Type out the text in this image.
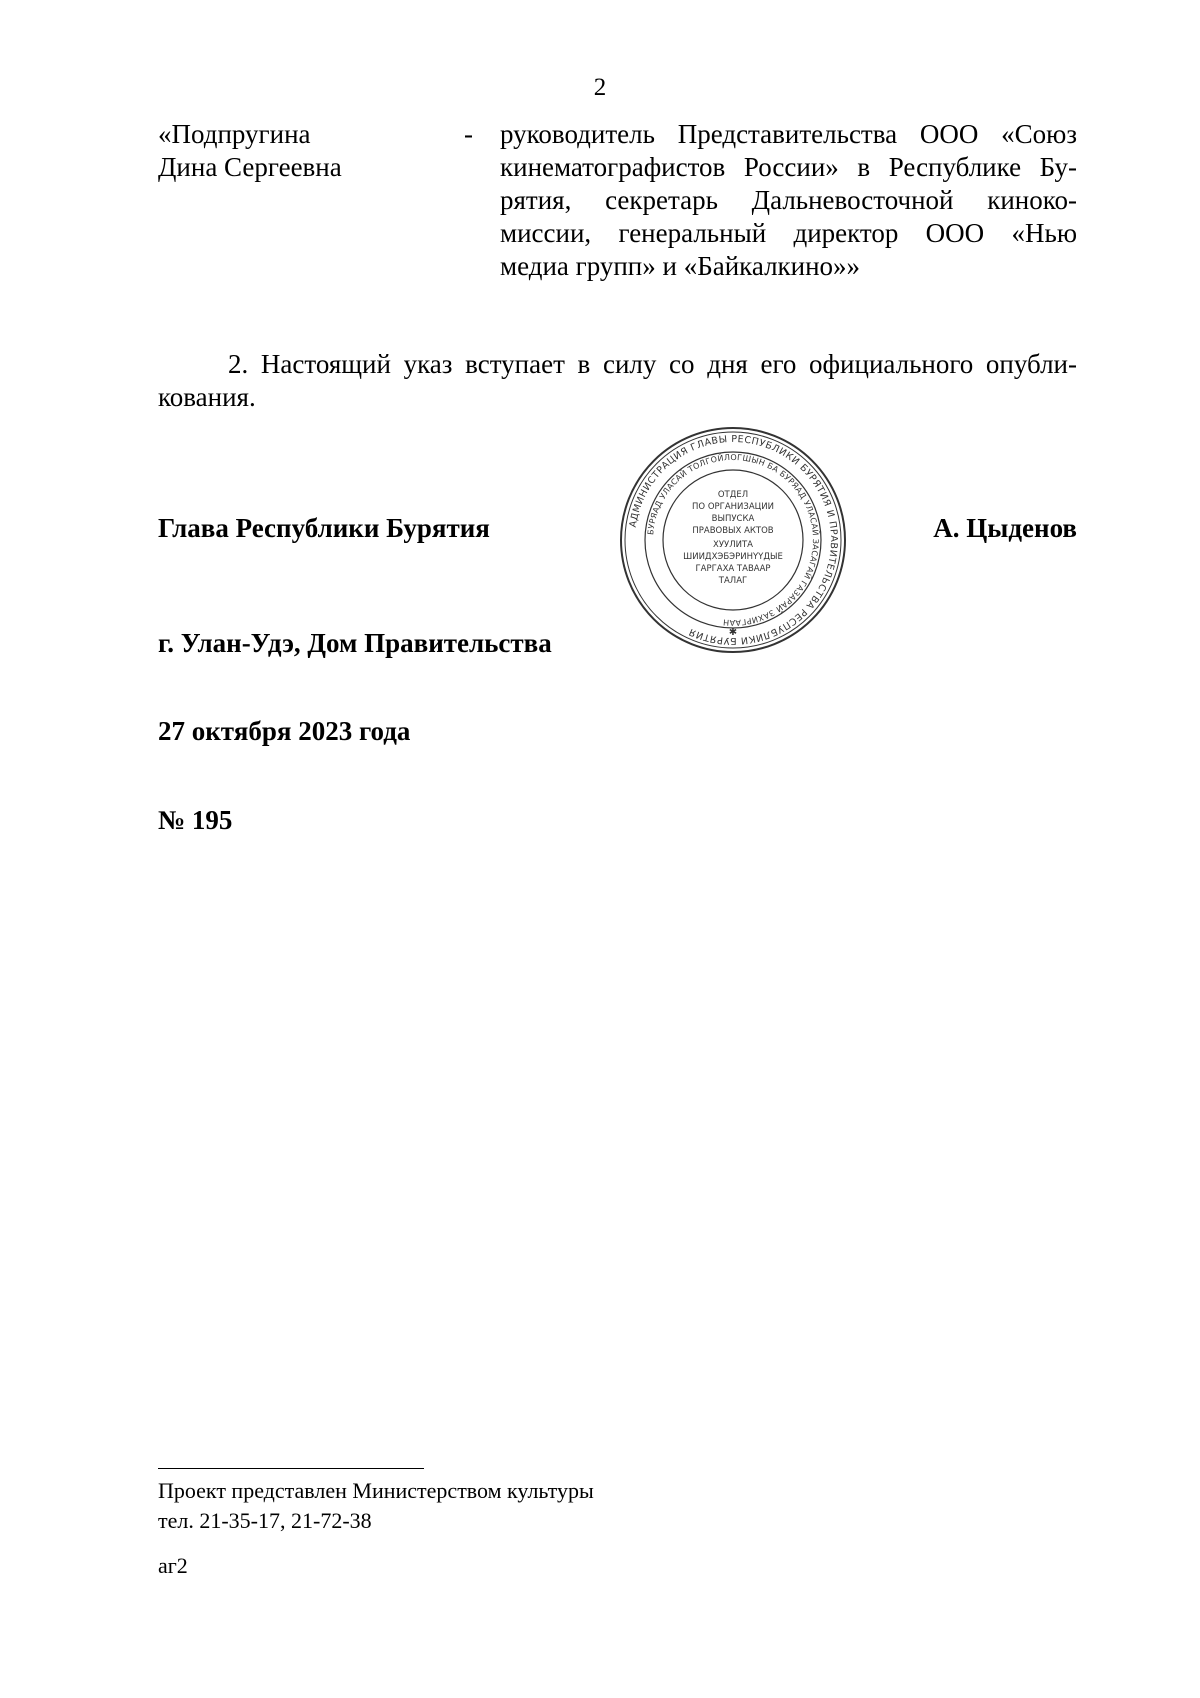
2
«Подпругина
Дина Сергеевна
- руководитель Представительства ООО «Союз
кинематографистов России» в Республике Бу-
рятия, секретарь Дальневосточной киноко-
миссии, генеральный директор ООО «Нью
медиа групп» и «Байкалкино»»
2. Настоящий указ вступает в силу со дня его официального опубли-
кования.
Глава Республики Бурятия	А. Цыденов
АДМИНИСТРАЦИЯ ГЛАВЫ РЕСПУБЛИКИ БУРЯТИЯ И ПРАВИТЕЛЬСТВА РЕСПУБЛИКИ БУРЯТИЯ
БУРЯАД УЛАСАЙ ТОЛГОЙЛОГШЫН БА БУРЯАД УЛАСАЙ ЗАСАГАЙ ГАЗАРАЙ ЗАХИРГААН
ОТДЕЛ
ПО ОРГАНИЗАЦИИ
ВЫПУСКА
ПРАВОВЫХ АКТОВ
ХУУЛИТА
ШИИДХЭБЭРИНҮҮДЫЕ
ГАРГАХА ТАВААР
ТАЛАГ
✱
г. Улан-Удэ, Дом Правительства
27 октября 2023 года
№ 195
Проект представлен Министерством культуры
тел. 21-35-17, 21-72-38
аг2
